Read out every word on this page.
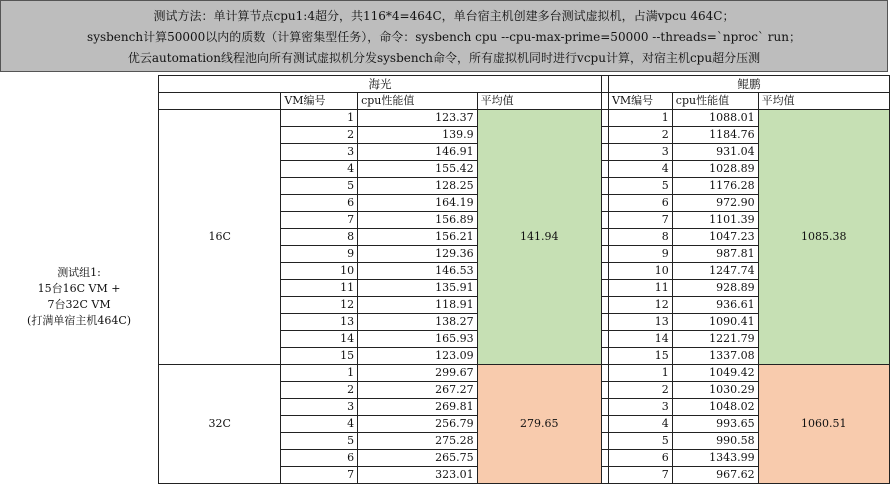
测试方法：单计算节点cpu1:4超分，共116*4=464C，单台宿主机创建多台测试虚拟机，占满vpcu 464C；
sysbench计算50000以内的质数（计算密集型任务），命令：sysbench cpu --cpu-max-prime=50000 --threads=`nproc` run；
优云automation线程池向所有测试虚拟机分发sysbench命令，所有虚拟机同时进行vcpu计算，对宿主机cpu超分压测
	海光					鲲鹏		
		VM编号	cpu性能值	平均值		VM编号	cpu性能值	平均值

测试组1:
15台16C VM +
7台32C VM
(打满单宿主机464C)	16C	1	123.37	141.94		1	1088.01	1085.38
		2	139.9			2	1184.76	
		3	146.91			3	931.04	
		4	155.42			4	1028.89	
		5	128.25			5	1176.28	
		6	164.19			6	972.90	
		7	156.89			7	1101.39	
		8	156.21			8	1047.23	
		9	129.36			9	987.81	
		10	146.53			10	1247.74	
		11	135.91			11	928.89	
		12	118.91			12	936.61	
		13	138.27			13	1090.41	
		14	165.93			14	1221.79	
		15	123.09			15	1337.08	
	32C	1	299.67	279.65		1	1049.42	1060.51
		2	267.27			2	1030.29	
		3	269.81			3	1048.02	
		4	256.79			4	993.65	
		5	275.28			5	990.58	
		6	265.75			6	1343.99	
		7	323.01			7	967.62	
